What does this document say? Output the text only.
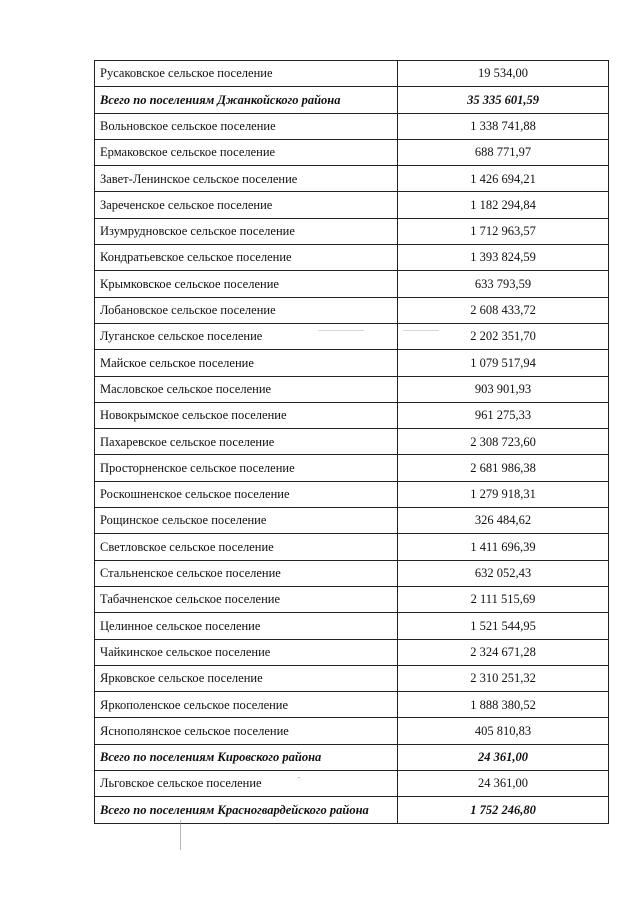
Русаковское сельское поселение	19 534,00
Всего по поселениям Джанкойского района	35 335 601,59
Вольновское сельское поселение	1 338 741,88
Ермаковское сельское поселение	688 771,97
Завет-Ленинское сельское поселение	1 426 694,21
Зареченское сельское поселение	1 182 294,84
Изумрудновское сельское поселение	1 712 963,57
Кондратьевское сельское поселение	1 393 824,59
Крымковское сельское поселение	633 793,59
Лобановское сельское поселение	2 608 433,72
Луганское сельское поселение	2 202 351,70
Майское сельское поселение	1 079 517,94
Масловское сельское поселение	903 901,93
Новокрымское сельское поселение	961 275,33
Пахаревское сельское поселение	2 308 723,60
Просторненское сельское поселение	2 681 986,38
Роскошненское сельское поселение	1 279 918,31
Рощинское сельское поселение	326 484,62
Светловское сельское поселение	1 411 696,39
Стальненское сельское поселение	632 052,43
Табачненское сельское поселение	2 111 515,69
Целинное сельское поселение	1 521 544,95
Чайкинское сельское поселение	2 324 671,28
Ярковское сельское поселение	2 310 251,32
Яркополенское сельское поселение	1 888 380,52
Яснополянское сельское поселение	405 810,83
Всего по поселениям Кировского района	24 361,00
Льговское сельское поселение	24 361,00
Всего по поселениям Красногвардейского района	1 752 246,80
